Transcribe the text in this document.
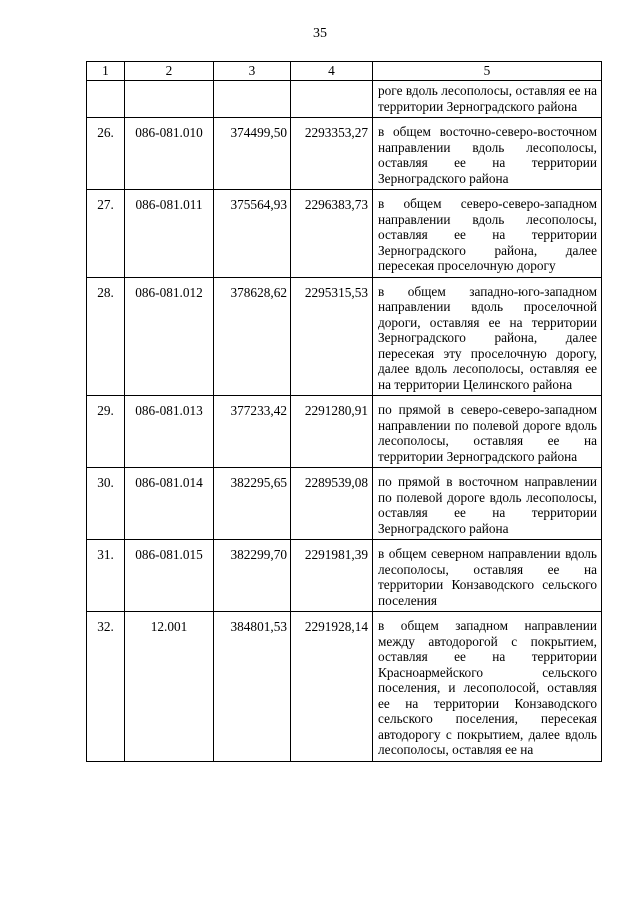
35
1	2	3	4	5
				роге вдоль лесополосы, оставляя ее на территории Зерноградского района
26.	086-081.010	374499,50	2293353,27	в общем восточно-северо-восточном направлении вдоль лесополосы, оставляя ее на территории Зерноградского района
27.	086-081.011	375564,93	2296383,73	в общем северо-северо-западном направлении вдоль лесополосы, оставляя ее на территории Зерноградского района, далее пересекая проселочную дорогу
28.	086-081.012	378628,62	2295315,53	в общем западно-юго-западном направлении вдоль проселочной дороги, оставляя ее на территории Зерноградского района, далее пересекая эту проселочную дорогу, далее вдоль лесополосы, оставляя ее на территории Целинского района
29.	086-081.013	377233,42	2291280,91	по прямой в северо-северо-западном направлении по полевой дороге вдоль лесополосы, оставляя ее на территории Зерноградского района
30.	086-081.014	382295,65	2289539,08	по прямой в восточном направлении по полевой дороге вдоль лесополосы, оставляя ее на территории Зерноградского района
31.	086-081.015	382299,70	2291981,39	в общем северном направлении вдоль лесополосы, оставляя ее на территории Конзаводского сельского поселения
32.	12.001	384801,53	2291928,14	в общем западном направлении между автодорогой с покрытием, оставляя ее на территории Красноармейского сельского поселения, и лесополосой, оставляя ее на территории Конзаводского сельского поселения, пересекая автодорогу с покрытием, далее вдоль лесополосы, оставляя ее на
